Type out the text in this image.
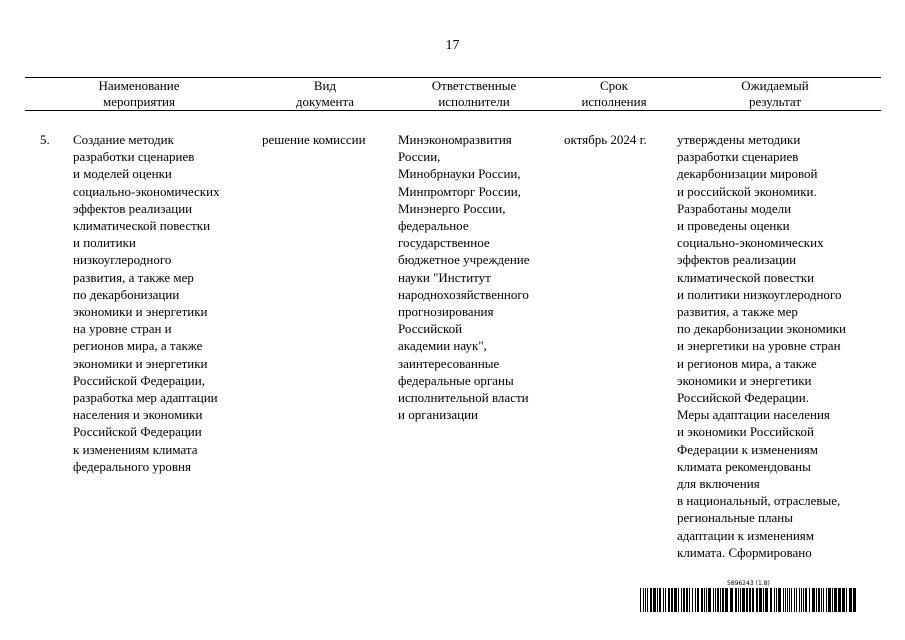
17
Наименование
мероприятия
Вид
документа
Ответственные
исполнители
Срок
исполнения
Ожидаемый
результат
5. Создание методик
разработки сценариев
и моделей оценки
социально-экономических
эффектов реализации
климатической повестки
и политики
низкоуглеродного
развития, а также мер
по декарбонизации
экономики и энергетики
на уровне стран и
регионов мира, а также
экономики и энергетики
Российской Федерации,
разработка мер адаптации
населения и экономики
Российской Федерации
к изменениям климата
федерального уровня
решение комиссии Минэкономразвития
России,
Минобрнауки России,
Минпромторг России,
Минэнерго России,
федеральное
государственное
бюджетное учреждение
науки "Институт
народнохозяйственного
прогнозирования
Российской
академии наук",
заинтересованные
федеральные органы
исполнительной власти
и организации
октябрь 2024 г. утверждены методики
разработки сценариев
декарбонизации мировой
и российской экономики.
Разработаны модели
и проведены оценки
социально-экономических
эффектов реализации
климатической повестки
и политики низкоуглеродного
развития, а также мер
по декарбонизации экономики
и энергетики на уровне стран
и регионов мира, а также
экономики и энергетики
Российской Федерации.
Меры адаптации населения
и экономики Российской
Федерации к изменениям
климата рекомендованы
для включения
в национальный, отраслевые,
региональные планы
адаптации к изменениям
климата. Сформировано
5896243 (1.8)
